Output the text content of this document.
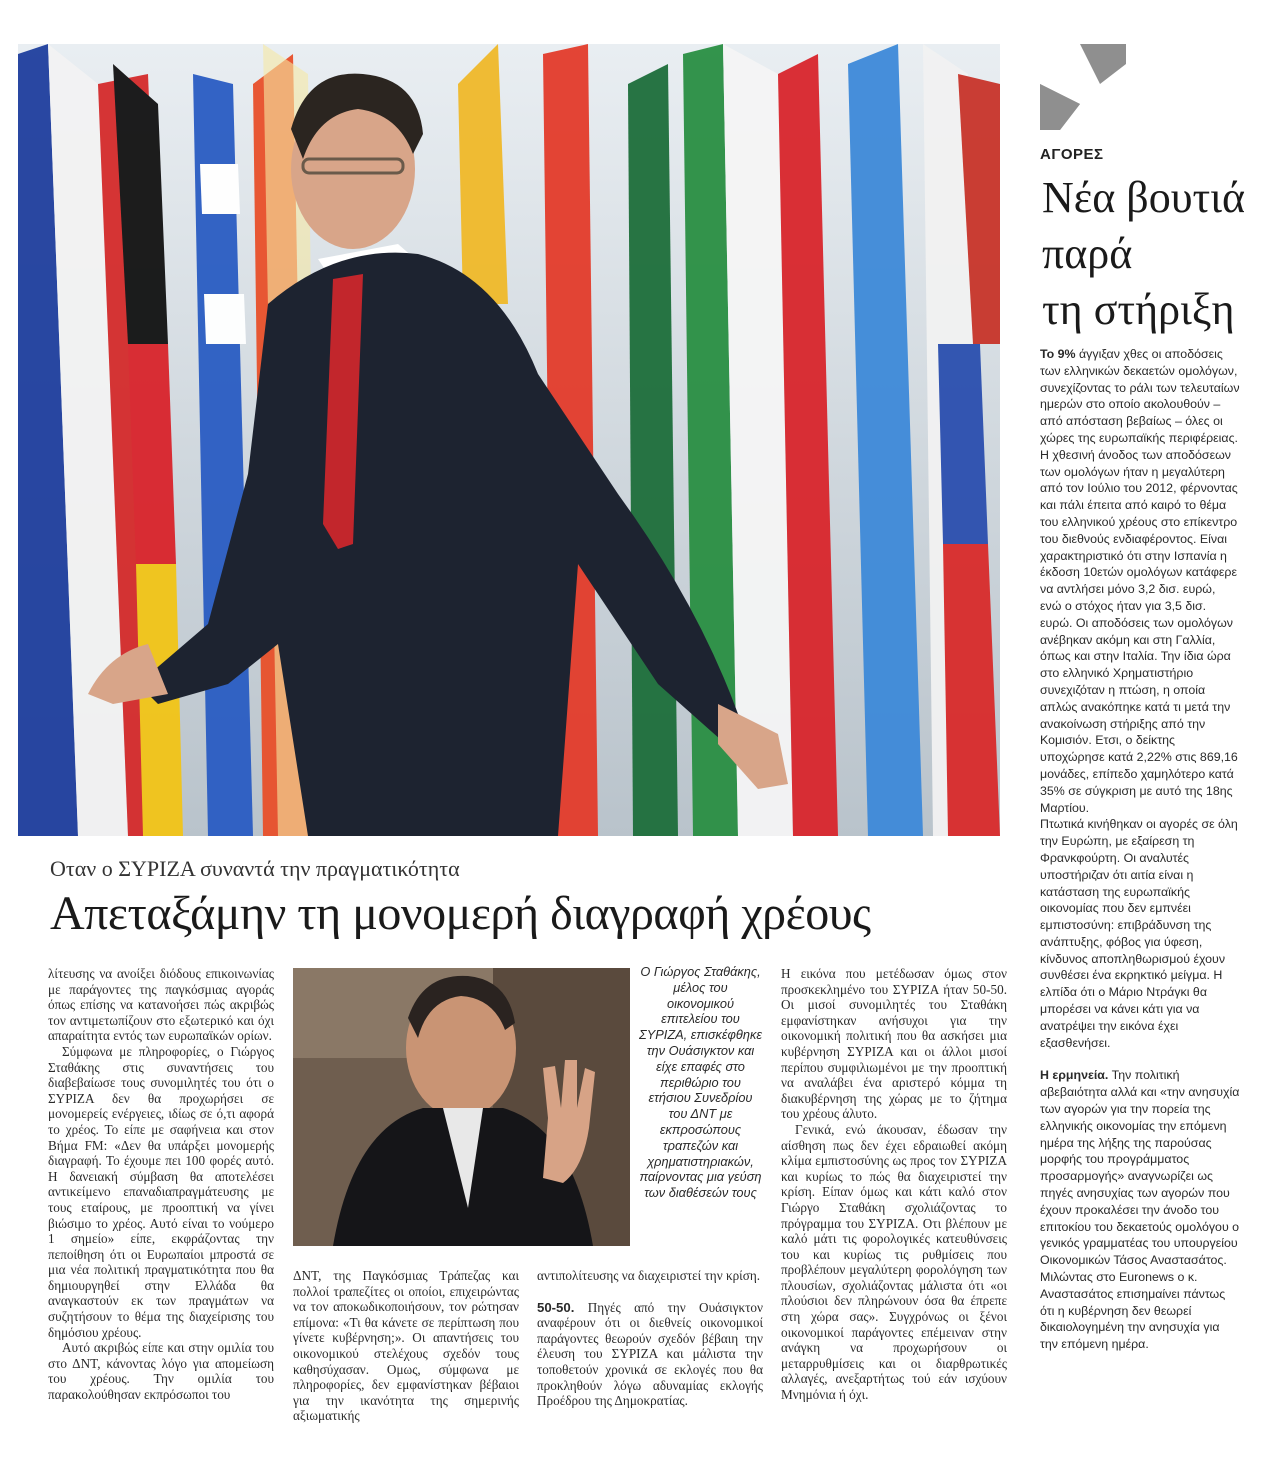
Οταν ο ΣΥΡΙΖΑ συναντά την πραγματικότητα
Απεταξάμην τη μονομερή διαγραφή χρέους

λίτευσης να ανοίξει διόδους επικοινωνίας με παράγοντες της παγκόσμιας αγοράς όπως επίσης να κατανοήσει πώς ακριβώς τον αντιμετωπίζουν στο εξωτερικό και όχι απαραίτητα εντός των ευρωπαϊκών ορίων.

Σύμφωνα με πληροφορίες, ο Γιώργος Σταθάκης στις συναντήσεις του διαβεβαίωσε τους συνομιλητές του ότι ο ΣΥΡΙΖΑ δεν θα προχωρήσει σε μονομερείς ενέργειες, ιδίως σε ό,τι αφορά το χρέος. Το είπε με σαφήνεια και στον Βήμα FM: «Δεν θα υπάρξει μονομερής διαγραφή. Το έχουμε πει 100 φορές αυτό. Η δανειακή σύμβαση θα αποτελέσει αντικείμενο επαναδιαπραγμάτευσης με τους εταίρους, με προοπτική να γίνει βιώσιμο το χρέος. Αυτό είναι το νούμερο 1 σημείο» είπε, εκφράζοντας την πεποίθηση ότι οι Ευρωπαίοι μπροστά σε μια νέα πολιτική πραγματικότητα που θα δημιουργηθεί στην Ελλάδα θα αναγκαστούν εκ των πραγμάτων να συζητήσουν το θέμα της διαχείρισης του δημόσιου χρέους.

Αυτό ακριβώς είπε και στην ομιλία του στο ΔΝΤ, κάνοντας λόγο για απομείωση του χρέους. Την ομιλία του παρακολούθησαν εκπρόσωποι του

Ο Γιώργος Σταθάκης, μέλος του οικονομικού επιτελείου του ΣΥΡΙΖΑ, επισκέφθηκε την Ουάσιγκτον και είχε επαφές στο περιθώριο του ετήσιου Συνεδρίου του ΔΝΤ με εκπροσώπους τραπεζών και χρηματιστηριακών, παίρνοντας μια γεύση των διαθέσεών τους

ΔΝΤ, της Παγκόσμιας Τράπεζας και πολλοί τραπεζίτες οι οποίοι, επιχειρώντας να τον αποκωδικοποιήσουν, τον ρώτησαν επίμονα: «Τι θα κάνετε σε περίπτωση που γίνετε κυβέρνηση;». Οι απαντήσεις του οικονομικού στελέχους σχεδόν τους καθησύχασαν. Ομως, σύμφωνα με πληροφορίες, δεν εμφανίστηκαν βέβαιοι για την ικανότητα της σημερινής αξιωματικής

αντιπολίτευσης να διαχειριστεί την κρίση.

50-50. Πηγές από την Ουάσιγκτον αναφέρουν ότι οι διεθνείς οικονομικοί παράγοντες θεωρούν σχεδόν βέβαιη την έλευση του ΣΥΡΙΖΑ και μάλιστα την τοποθετούν χρονικά σε εκλογές που θα προκληθούν λόγω αδυναμίας εκλογής Προέδρου της Δημοκρατίας.

Η εικόνα που μετέδωσαν όμως στον προσκεκλημένο του ΣΥΡΙΖΑ ήταν 50-50. Οι μισοί συνομιλητές του Σταθάκη εμφανίστηκαν ανήσυχοι για την οικονομική πολιτική που θα ασκήσει μια κυβέρνηση ΣΥΡΙΖΑ και οι άλλοι μισοί περίπου συμφιλιωμένοι με την προοπτική να αναλάβει ένα αριστερό κόμμα τη διακυβέρνηση της χώρας με το ζήτημα του χρέους άλυτο.

Γενικά, ενώ άκουσαν, έδωσαν την αίσθηση πως δεν έχει εδραιωθεί ακόμη κλίμα εμπιστοσύνης ως προς τον ΣΥΡΙΖΑ και κυρίως το πώς θα διαχειριστεί την κρίση. Είπαν όμως και κάτι καλό στον Γιώργο Σταθάκη σχολιάζοντας το πρόγραμμα του ΣΥΡΙΖΑ. Οτι βλέπουν με καλό μάτι τις φορολογικές κατευθύνσεις του και κυρίως τις ρυθμίσεις που προβλέπουν μεγαλύτερη φορολόγηση των πλουσίων, σχολιάζοντας μάλιστα ότι «οι πλούσιοι δεν πληρώνουν όσα θα έπρεπε στη χώρα σας». Συγχρόνως οι ξένοι οικονομικοί παράγοντες επέμειναν στην ανάγκη να προχωρήσουν οι μεταρρυθμίσεις και οι διαρθρωτικές αλλαγές, ανεξαρτήτως τού εάν ισχύουν Μνημόνια ή όχι.

ΑΓΟΡΕΣ
Νέα βουτιά
παρά
τη στήριξη

Το 9% άγγιξαν χθες οι αποδόσεις των ελληνικών δεκαετών ομολόγων, συνεχίζοντας το ράλι των τελευταίων ημερών στο οποίο ακολουθούν – από απόσταση βεβαίως – όλες οι χώρες της ευρωπαϊκής περιφέρειας. Η χθεσινή άνοδος των αποδόσεων των ομολόγων ήταν η μεγαλύτερη από τον Ιούλιο του 2012, φέρνοντας και πάλι έπειτα από καιρό το θέμα του ελληνικού χρέους στο επίκεντρο του διεθνούς ενδιαφέροντος. Είναι χαρακτηριστικό ότι στην Ισπανία η έκδοση 10ετών ομολόγων κατάφερε να αντλήσει μόνο 3,2 δισ. ευρώ, ενώ ο στόχος ήταν για 3,5 δισ. ευρώ. Οι αποδόσεις των ομολόγων ανέβηκαν ακόμη και στη Γαλλία, όπως και στην Ιταλία. Την ίδια ώρα στο ελληνικό Χρηματιστήριο συνεχιζόταν η πτώση, η οποία απλώς ανακόπηκε κατά τι μετά την ανακοίνωση στήριξης από την Κομισιόν. Ετσι, ο δείκτης υποχώρησε κατά 2,22% στις 869,16 μονάδες, επίπεδο χαμηλότερο κατά 35% σε σύγκριση με αυτό της 18ης Μαρτίου.

Πτωτικά κινήθηκαν οι αγορές σε όλη την Ευρώπη, με εξαίρεση τη Φρανκφούρτη. Οι αναλυτές υποστήριζαν ότι αιτία είναι η κατάσταση της ευρωπαϊκής οικονομίας που δεν εμπνέει εμπιστοσύνη: επιβράδυνση της ανάπτυξης, φόβος για ύφεση, κίνδυνος αποπληθωρισμού έχουν συνθέσει ένα εκρηκτικό μείγμα. Η ελπίδα ότι ο Μάριο Ντράγκι θα μπορέσει να κάνει κάτι για να ανατρέψει την εικόνα έχει εξασθενήσει.

Η ερμηνεία. Την πολιτική αβεβαιότητα αλλά και «την ανησυχία των αγορών για την πορεία της ελληνικής οικονομίας την επόμενη ημέρα της λήξης της παρούσας μορφής του προγράμματος προσαρμογής» αναγνωρίζει ως πηγές ανησυχίας των αγορών που έχουν προκαλέσει την άνοδο του επιτοκίου του δεκαετούς ομολόγου ο γενικός γραμματέας του υπουργείου Οικονομικών Τάσος Αναστασάτος. Μιλώντας στο Euronews ο κ. Αναστασάτος επισημαίνει πάντως ότι η κυβέρνηση δεν θεωρεί δικαιολογημένη την ανησυχία για την επόμενη ημέρα.
